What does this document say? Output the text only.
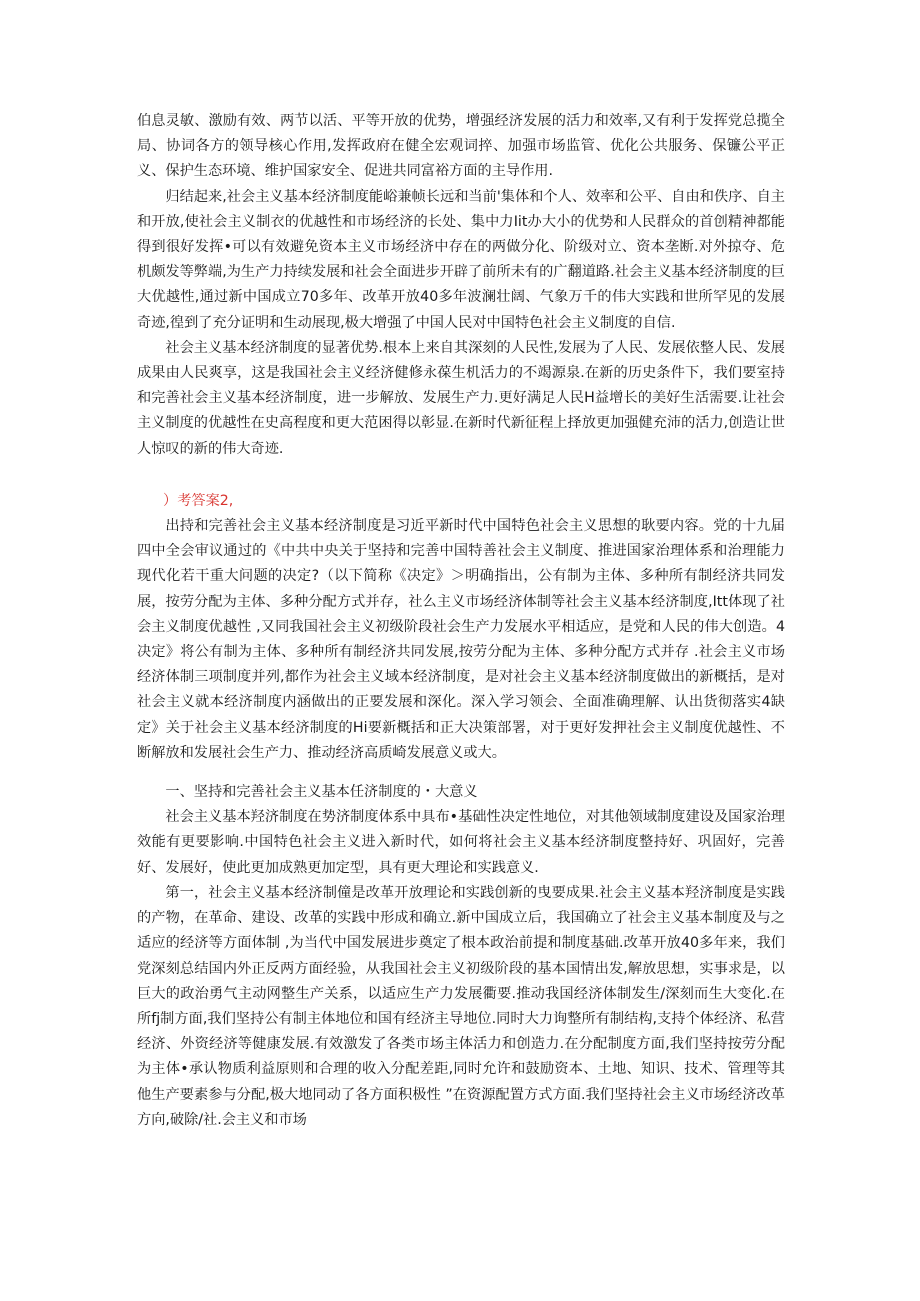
伯息灵敏、激励有效、两节以活、平等开放的优势，增强经济发展的活力和效率,又有利于发挥党总揽全局、协词各方的领导核心作用,发挥政府在健全宏观词捽、加强市场监管、优化公共服务、保镰公平正义、保护生态环境、维护国家安全、促进共同富裕方面的主导作用.

归结起来,社会主义基本经济制度能峪兼帧长远和当前'集体和个人、效率和公平、自由和佚序、自主和开放,使社会主义制衣的优越性和市场经济的长处、集中力Iit办大小的优势和人民群众的首创精神都能得到很好发挥•可以有效避免资本主义市场经济中存在的两做分化、阶级对立、资本垄断.对外掠夺、危机颇发等弊端,为生产力持续发展和社会全面进步开辟了前所未有的广翻道路.社会主义基本经济制度的巨大优越性,通过新中国成立70多年、改革开放40多年波澜壮阔、气象万千的伟大实践和世所罕见的发展奇迹,徨到了充分证明和生动展现,极大增强了中国人民对中国特色社会主义制度的自信.

社会主义基本经济制度的显著优势.根本上来自其深刻的人民性,发展为了人民、发展依整人民、发展成果由人民爽享，这是我国社会主义经济健修永葆生机活力的不竭源泉.在新的历史条件下，我们要室持和完善社会主义基本经济制度，进一步解放、发展生产力.更好满足人民H益增长的美好生活需要.让社会主义制度的优越性在史高程度和更大范困得以彰显.在新时代新征程上择放更加强健充沛的活力,创造让世人惊叹的新的伟大奇迹.

）考答案2,

出持和完善社会主义基本经济制度是习近平新时代中国特色社会主义思想的耿要内容。党的十九届四中全会审议通过的《中共中央关于坚持和完善中国特善社会主义制度、推进国家治理体系和治理能力现代化若干重大问题的决定?（以下简称《决定》＞明确指出，公有制为主体、多种所有制经济共同发展，按劳分配为主体、多种分配方式并存，社么主义市场经济体制等社会主义基本经济制度,Itt体现了社会主义制度优越性 ,又同我国社会主义初级阶段社会生产力发展水平相适应，是党和人民的伟大创造。4决定》将公有制为主体、多种所有制经济共同发展,按劳分配为主体、多种分配方式并存 .社会主义市场经济体制三项制度并列,都作为社会主义域本经济制度，是对社会主义基本经济制度做出的新概括，是对社会主义就本经济制度内涵做出的正要发展和深化。深入学习领会、全面准确理解、认出货彻落实4缺定》关于社会主义基本经济制度的Hi要新概括和正大决策部署，对于更好发押社会主义制度优越性、不断解放和发展社会生产力、推动经济高质崎发展意义或大。

一、坚持和完善社会主义基本任济制度的・大意义

社会主义基本羟济制度在势济制度体系中具布•基础性决定性地位，对其他领域制度建设及国家治理效能有更要影响.中国特色社会主义进入新时代，如何将社会主义基本经济制度整持好、巩固好，完善好、发展好，使此更加成熟更加定型，具有更大理论和实践意义.

第一，社会主义基本经济制僮是改革开放理论和实践创新的曳要成果.社会主义基本羟济制度是实践的产物，在革命、建设、改革的实践中形成和确立.新中国成立后，我国确立了社会主义基本制度及与之适应的经济等方面体制 ,为当代中国发展进步奠定了根本政治前提和制度基础.改革开放40多年来，我们党深刻总结国内外正反两方面经验，从我国社会主义初级阶段的基本国情出发,解放思想，实事求是，以巨大的政治勇气主动网整生产关系，以适应生产力发展衢要.推动我国经济体制发生/深刻而生大变化.在所fj制方面,我们坚持公有制主体地位和国有经济主导地位.同时大力询整所有制结构,支持个体经济、私营经济、外资经济等健康发展.有效激发了各类市场主体活力和创造力.在分配制度方面,我们坚持按劳分配为主体•承认物质利益原则和合理的收入分配差距,同时允许和鼓励资本、土地、知识、技术、管理等其他生产要素参与分配,极大地同动了各方面积极性 ”在资源配置方式方面.我们坚持社会主义市场经济改革方向,破除/社.会主义和市场
